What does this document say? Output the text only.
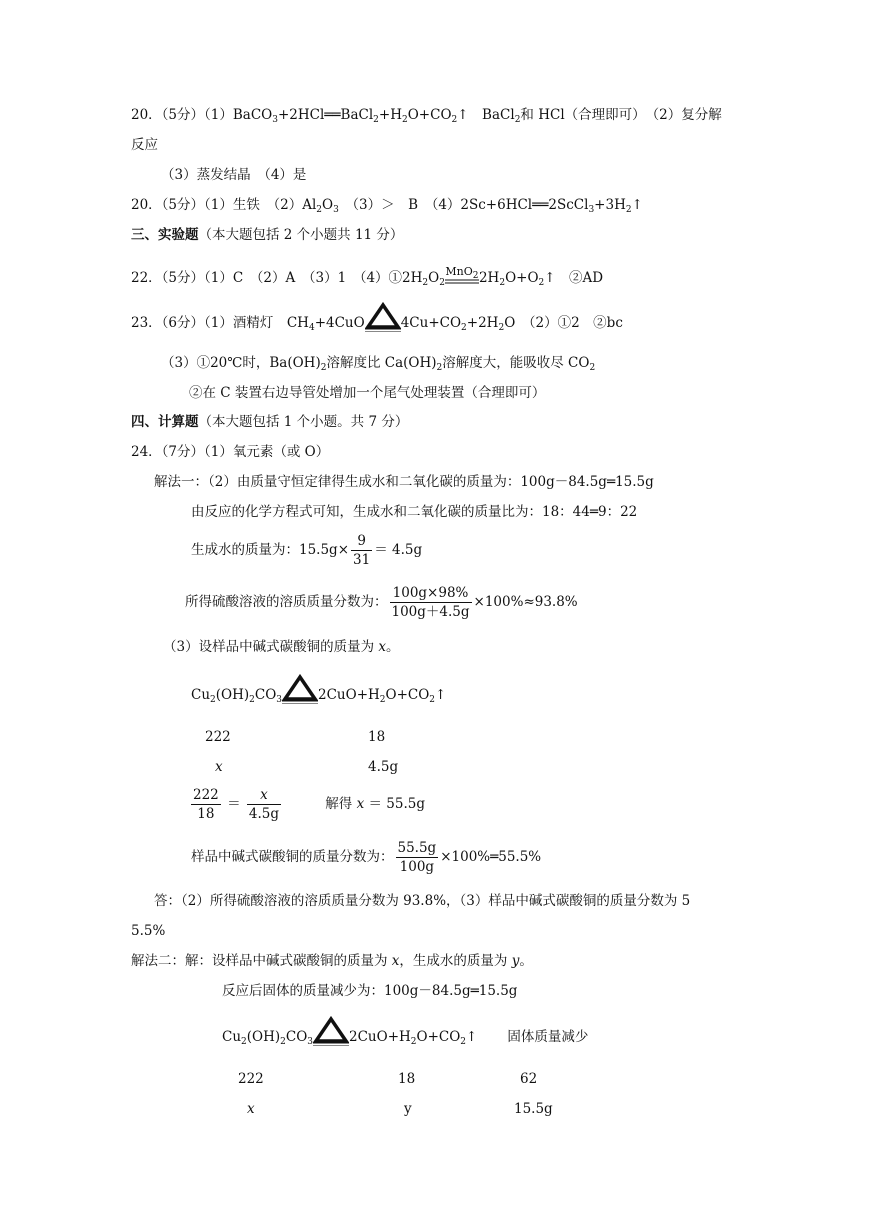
20．（5分）$(1)BaCO_3+2HCl══BaCl_2+H_2O+CO_2↑$　BaCl$_2$和 HCl（合理即可）　（2）复分解
反应
（3）蒸发结晶　（4）是
20．（5分）（1）生铁　$(2)Al_2O_3$　（3）＞　B　$(4)2Sc+6HCl══2ScCl_3+3H_2↑$
三、实验题（本大题包括 2 个小题共 11 分）
22．（5分）（1）C　（2）A　（3）1　$(4)①2H_2O_2$
MnO$_2$ $2H_2O+O_2↑$　②AD
23．（6分）（1）酒精灯　$CH_4+4CuO$	$4Cu+CO_2+2H_2O$　（2）①2　②bc
（3）①20℃时，$Ba(OH)_2$溶解度比 $Ca(OH)_2$溶解度大，能吸收尽 $CO_2$
②在 C 装置右边导管处增加一个尾气处理装置（合理即可）
四、计算题（本大题包括 1 个小题。共 7 分）
24．（7分）（1）氧元素（或 O）
解法一：（2）由质量守恒定律得生成水和二氧化碳的质量为：100g－84.5g═15.5g
由反应的化学方程式可知，生成水和二氧化碳的质量比为：18：44═9：22
生成水的质量为：$15.5g\times \frac{9}{31} = 4.5g$
所得硫酸溶液的溶质质量分数为： $\frac{100g\times 98\%}{100g+4.5g} \times 100\%\approx 93.8\%$
（3）设样品中碱式碳酸铜的质量为 x。
$Cu_2(OH)_2CO_3$	$2CuO+H_2O+CO_2↑$
222	18
x	4.5g
$\frac{222}{18} = \frac{x}{4.5g}$	解得 x ＝ 55.5g
样品中碱式碳酸铜的质量分数为： $\frac{55.5g}{100g}$ ×100%═55.5%
答：（2）所得硫酸溶液的溶质质量分数为 93.8%，（3）样品中碱式碳酸铜的质量分数为 5
5.5%
解法二：解：设样品中碱式碳酸铜的质量为 x，生成水的质量为 y。
反应后固体的质量减少为：100g－84.5g═15.5g
$Cu_2(OH)_2CO_3$	$2CuO+H_2O+CO_2↑$ 固体质量减少
222	18	62
x	y	15.5g
